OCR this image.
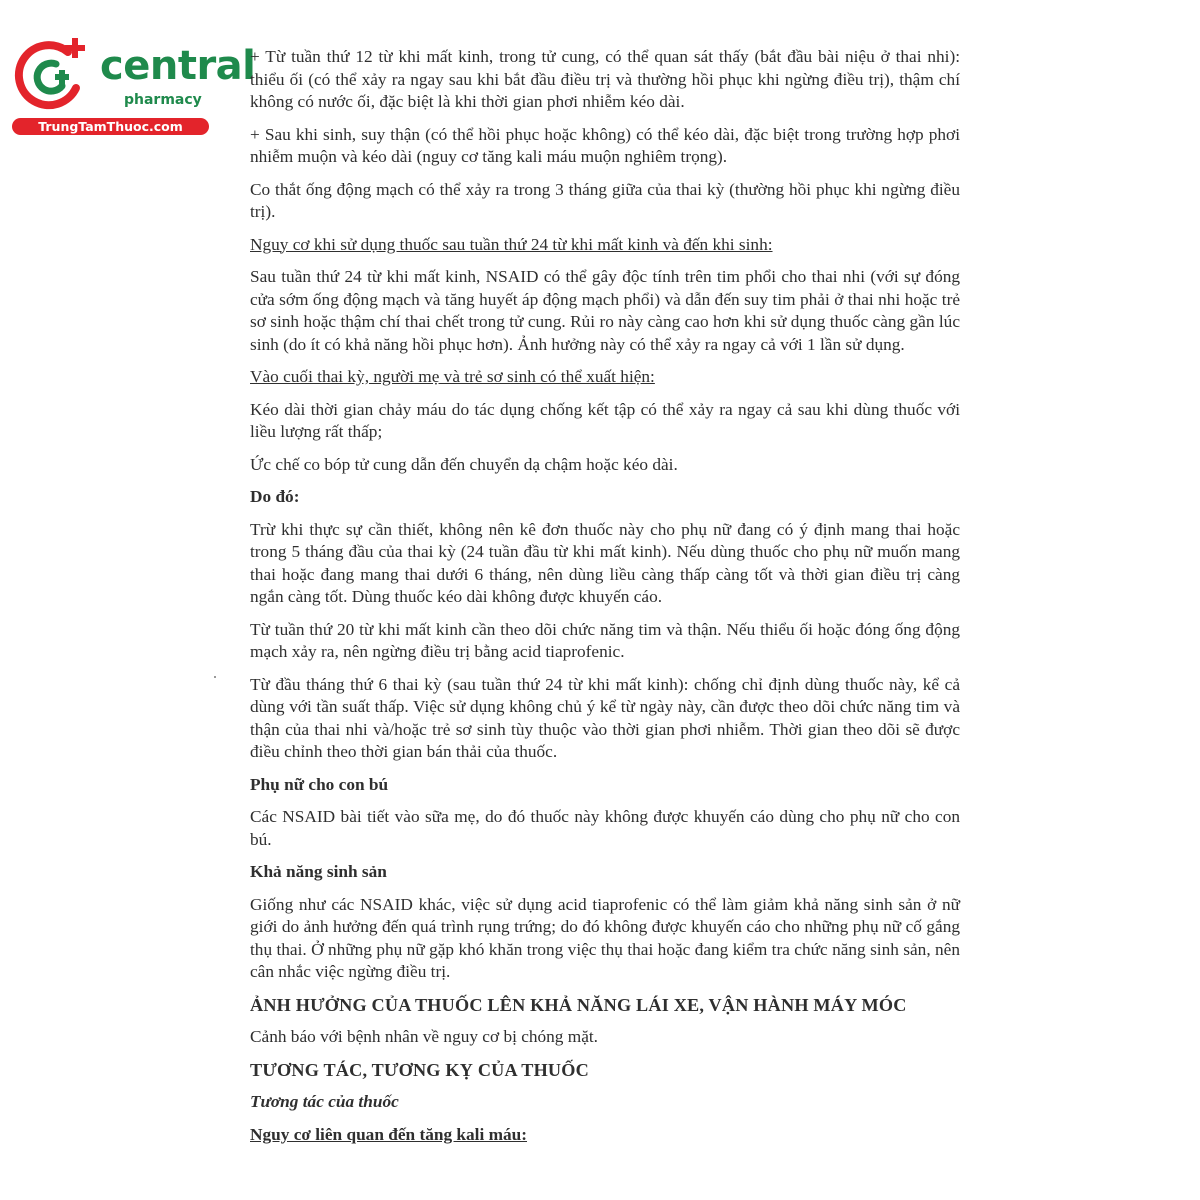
central
pharmacy
TrungTamThuoc.com

+ Từ tuần thứ 12 từ khi mất kinh, trong tử cung, có thể quan sát thấy (bắt đầu bài niệu ở thai nhi): thiểu ối (có thể xảy ra ngay sau khi bắt đầu điều trị và thường hồi phục khi ngừng điều trị), thậm chí không có nước ối, đặc biệt là khi thời gian phơi nhiễm kéo dài.

+ Sau khi sinh, suy thận (có thể hồi phục hoặc không) có thể kéo dài, đặc biệt trong trường hợp phơi nhiễm muộn và kéo dài (nguy cơ tăng kali máu muộn nghiêm trọng).

Co thắt ống động mạch có thể xảy ra trong 3 tháng giữa của thai kỳ (thường hồi phục khi ngừng điều trị).

Nguy cơ khi sử dụng thuốc sau tuần thứ 24 từ khi mất kinh và đến khi sinh:

Sau tuần thứ 24 từ khi mất kinh, NSAID có thể gây độc tính trên tim phổi cho thai nhi (với sự đóng cửa sớm ống động mạch và tăng huyết áp động mạch phổi) và dẫn đến suy tim phải ở thai nhi hoặc trẻ sơ sinh hoặc thậm chí thai chết trong tử cung. Rủi ro này càng cao hơn khi sử dụng thuốc càng gần lúc sinh (do ít có khả năng hồi phục hơn). Ảnh hưởng này có thể xảy ra ngay cả với 1 lần sử dụng.

Vào cuối thai kỳ, người mẹ và trẻ sơ sinh có thể xuất hiện:

Kéo dài thời gian chảy máu do tác dụng chống kết tập có thể xảy ra ngay cả sau khi dùng thuốc với liều lượng rất thấp;

Ức chế co bóp tử cung dẫn đến chuyển dạ chậm hoặc kéo dài.

Do đó:

Trừ khi thực sự cần thiết, không nên kê đơn thuốc này cho phụ nữ đang có ý định mang thai hoặc trong 5 tháng đầu của thai kỳ (24 tuần đầu từ khi mất kinh). Nếu dùng thuốc cho phụ nữ muốn mang thai hoặc đang mang thai dưới 6 tháng, nên dùng liều càng thấp càng tốt và thời gian điều trị càng ngắn càng tốt. Dùng thuốc kéo dài không được khuyến cáo.

Từ tuần thứ 20 từ khi mất kinh cần theo dõi chức năng tim và thận. Nếu thiểu ối hoặc đóng ống động mạch xảy ra, nên ngừng điều trị bằng acid tiaprofenic.

Từ đầu tháng thứ 6 thai kỳ (sau tuần thứ 24 từ khi mất kinh): chống chỉ định dùng thuốc này, kể cả dùng với tần suất thấp. Việc sử dụng không chủ ý kể từ ngày này, cần được theo dõi chức năng tim và thận của thai nhi và/hoặc trẻ sơ sinh tùy thuộc vào thời gian phơi nhiễm. Thời gian theo dõi sẽ được điều chỉnh theo thời gian bán thải của thuốc.

Phụ nữ cho con bú

Các NSAID bài tiết vào sữa mẹ, do đó thuốc này không được khuyến cáo dùng cho phụ nữ cho con bú.

Khả năng sinh sản

Giống như các NSAID khác, việc sử dụng acid tiaprofenic có thể làm giảm khả năng sinh sản ở nữ giới do ảnh hưởng đến quá trình rụng trứng; do đó không được khuyến cáo cho những phụ nữ cố gắng thụ thai. Ở những phụ nữ gặp khó khăn trong việc thụ thai hoặc đang kiểm tra chức năng sinh sản, nên cân nhắc việc ngừng điều trị.

ẢNH HƯỞNG CỦA THUỐC LÊN KHẢ NĂNG LÁI XE, VẬN HÀNH MÁY MÓC

Cảnh báo với bệnh nhân về nguy cơ bị chóng mặt.

TƯƠNG TÁC, TƯƠNG KỴ CỦA THUỐC

Tương tác của thuốc

Nguy cơ liên quan đến tăng kali máu:
